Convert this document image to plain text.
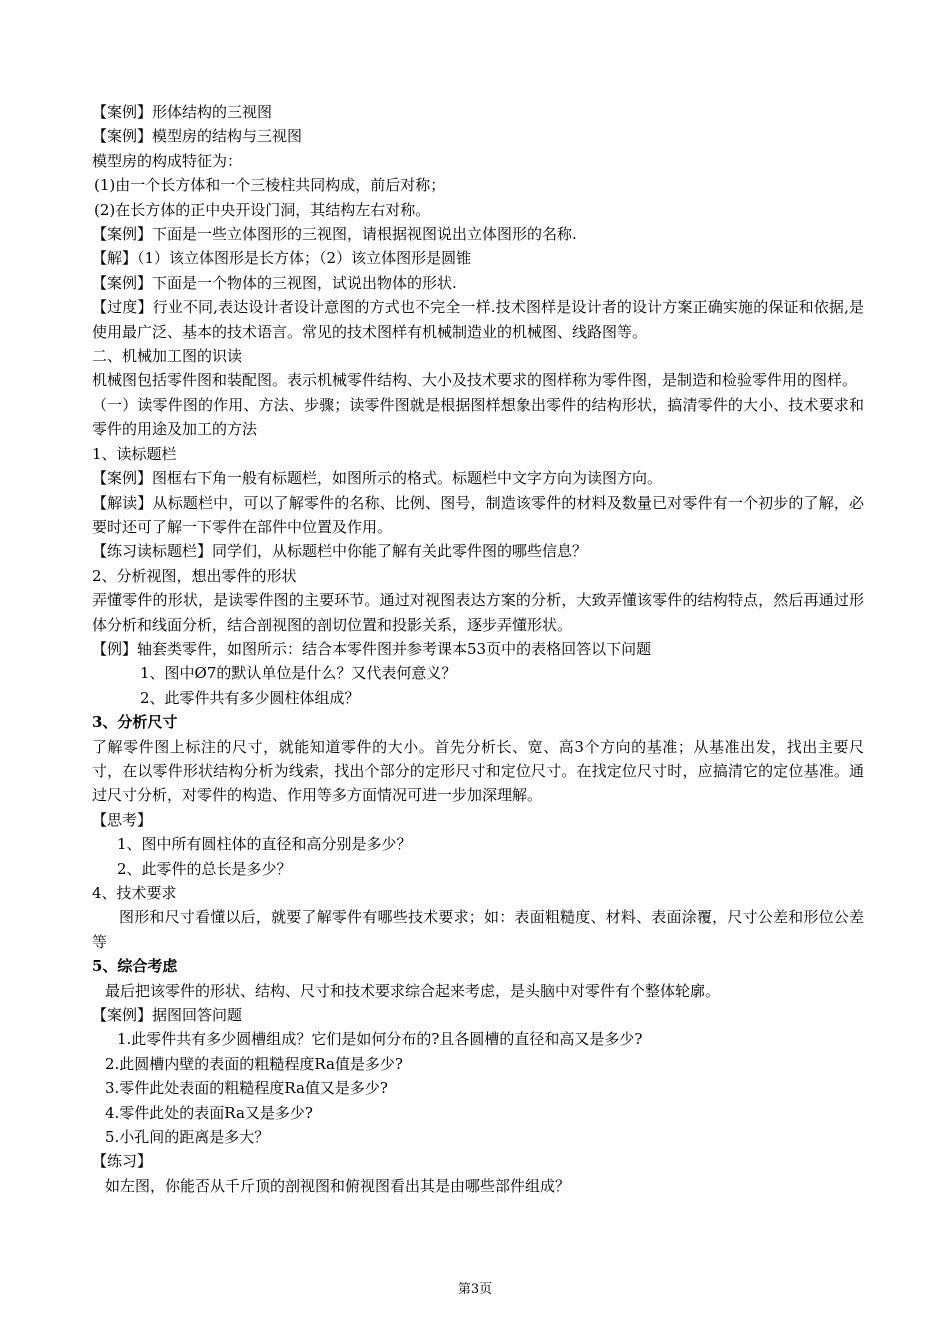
【案例】形体结构的三视图
【案例】模型房的结构与三视图
模型房的构成特征为：
(1)由一个长方体和一个三棱柱共同构成，前后对称；
(2)在长方体的正中央开设门洞，其结构左右对称。
【案例】下面是一些立体图形的三视图，请根据视图说出立体图形的名称.
【解】（1）该立体图形是长方体；（2）该立体图形是圆锥
【案例】下面是一个物体的三视图，试说出物体的形状.
【过度】行业不同,表达设计者设计意图的方式也不完全一样.技术图样是设计者的设计方案正确实施的保证和依据,是使用最广泛、基本的技术语言。常见的技术图样有机械制造业的机械图、线路图等。
二、机械加工图的识读
机械图包括零件图和装配图。表示机械零件结构、大小及技术要求的图样称为零件图，是制造和检验零件用的图样。
（一）读零件图的作用、方法、步骤；读零件图就是根据图样想象出零件的结构形状，搞清零件的大小、技术要求和零件的用途及加工的方法
1、读标题栏
【案例】图框右下角一般有标题栏，如图所示的格式。标题栏中文字方向为读图方向。
【解读】从标题栏中，可以了解零件的名称、比例、图号，制造该零件的材料及数量已对零件有一个初步的了解，必要时还可了解一下零件在部件中位置及作用。
【练习读标题栏】同学们，从标题栏中你能了解有关此零件图的哪些信息？
2、分析视图，想出零件的形状
弄懂零件的形状，是读零件图的主要环节。通过对视图表达方案的分析，大致弄懂该零件的结构特点，然后再通过形体分析和线面分析，结合剖视图的剖切位置和投影关系，逐步弄懂形状。
【例】轴套类零件，如图所示：结合本零件图并参考课本53页中的表格回答以下问题
1、图中Ø7的默认单位是什么？又代表何意义？
2、此零件共有多少圆柱体组成？
3、分析尺寸
了解零件图上标注的尺寸，就能知道零件的大小。首先分析长、宽、高3个方向的基准；从基准出发，找出主要尺寸，在以零件形状结构分析为线索，找出个部分的定形尺寸和定位尺寸。在找定位尺寸时，应搞清它的定位基准。通过尺寸分析，对零件的构造、作用等多方面情况可进一步加深理解。
【思考】
1、图中所有圆柱体的直径和高分别是多少？
2、此零件的总长是多少？
4、技术要求
图形和尺寸看懂以后，就要了解零件有哪些技术要求；如：表面粗糙度、材料、表面涂覆，尺寸公差和形位公差等
5、综合考虑
最后把该零件的形状、结构、尺寸和技术要求综合起来考虑，是头脑中对零件有个整体轮廓。
【案例】据图回答问题
1.此零件共有多少圆槽组成？它们是如何分布的?且各圆槽的直径和高又是多少?
2.此圆槽内壁的表面的粗糙程度Ra值是多少?
3.零件此处表面的粗糙程度Ra值又是多少?
4.零件此处的表面Ra又是多少?
5.小孔间的距离是多大？
【练习】
如左图，你能否从千斤顶的剖视图和俯视图看出其是由哪些部件组成？
第3页
